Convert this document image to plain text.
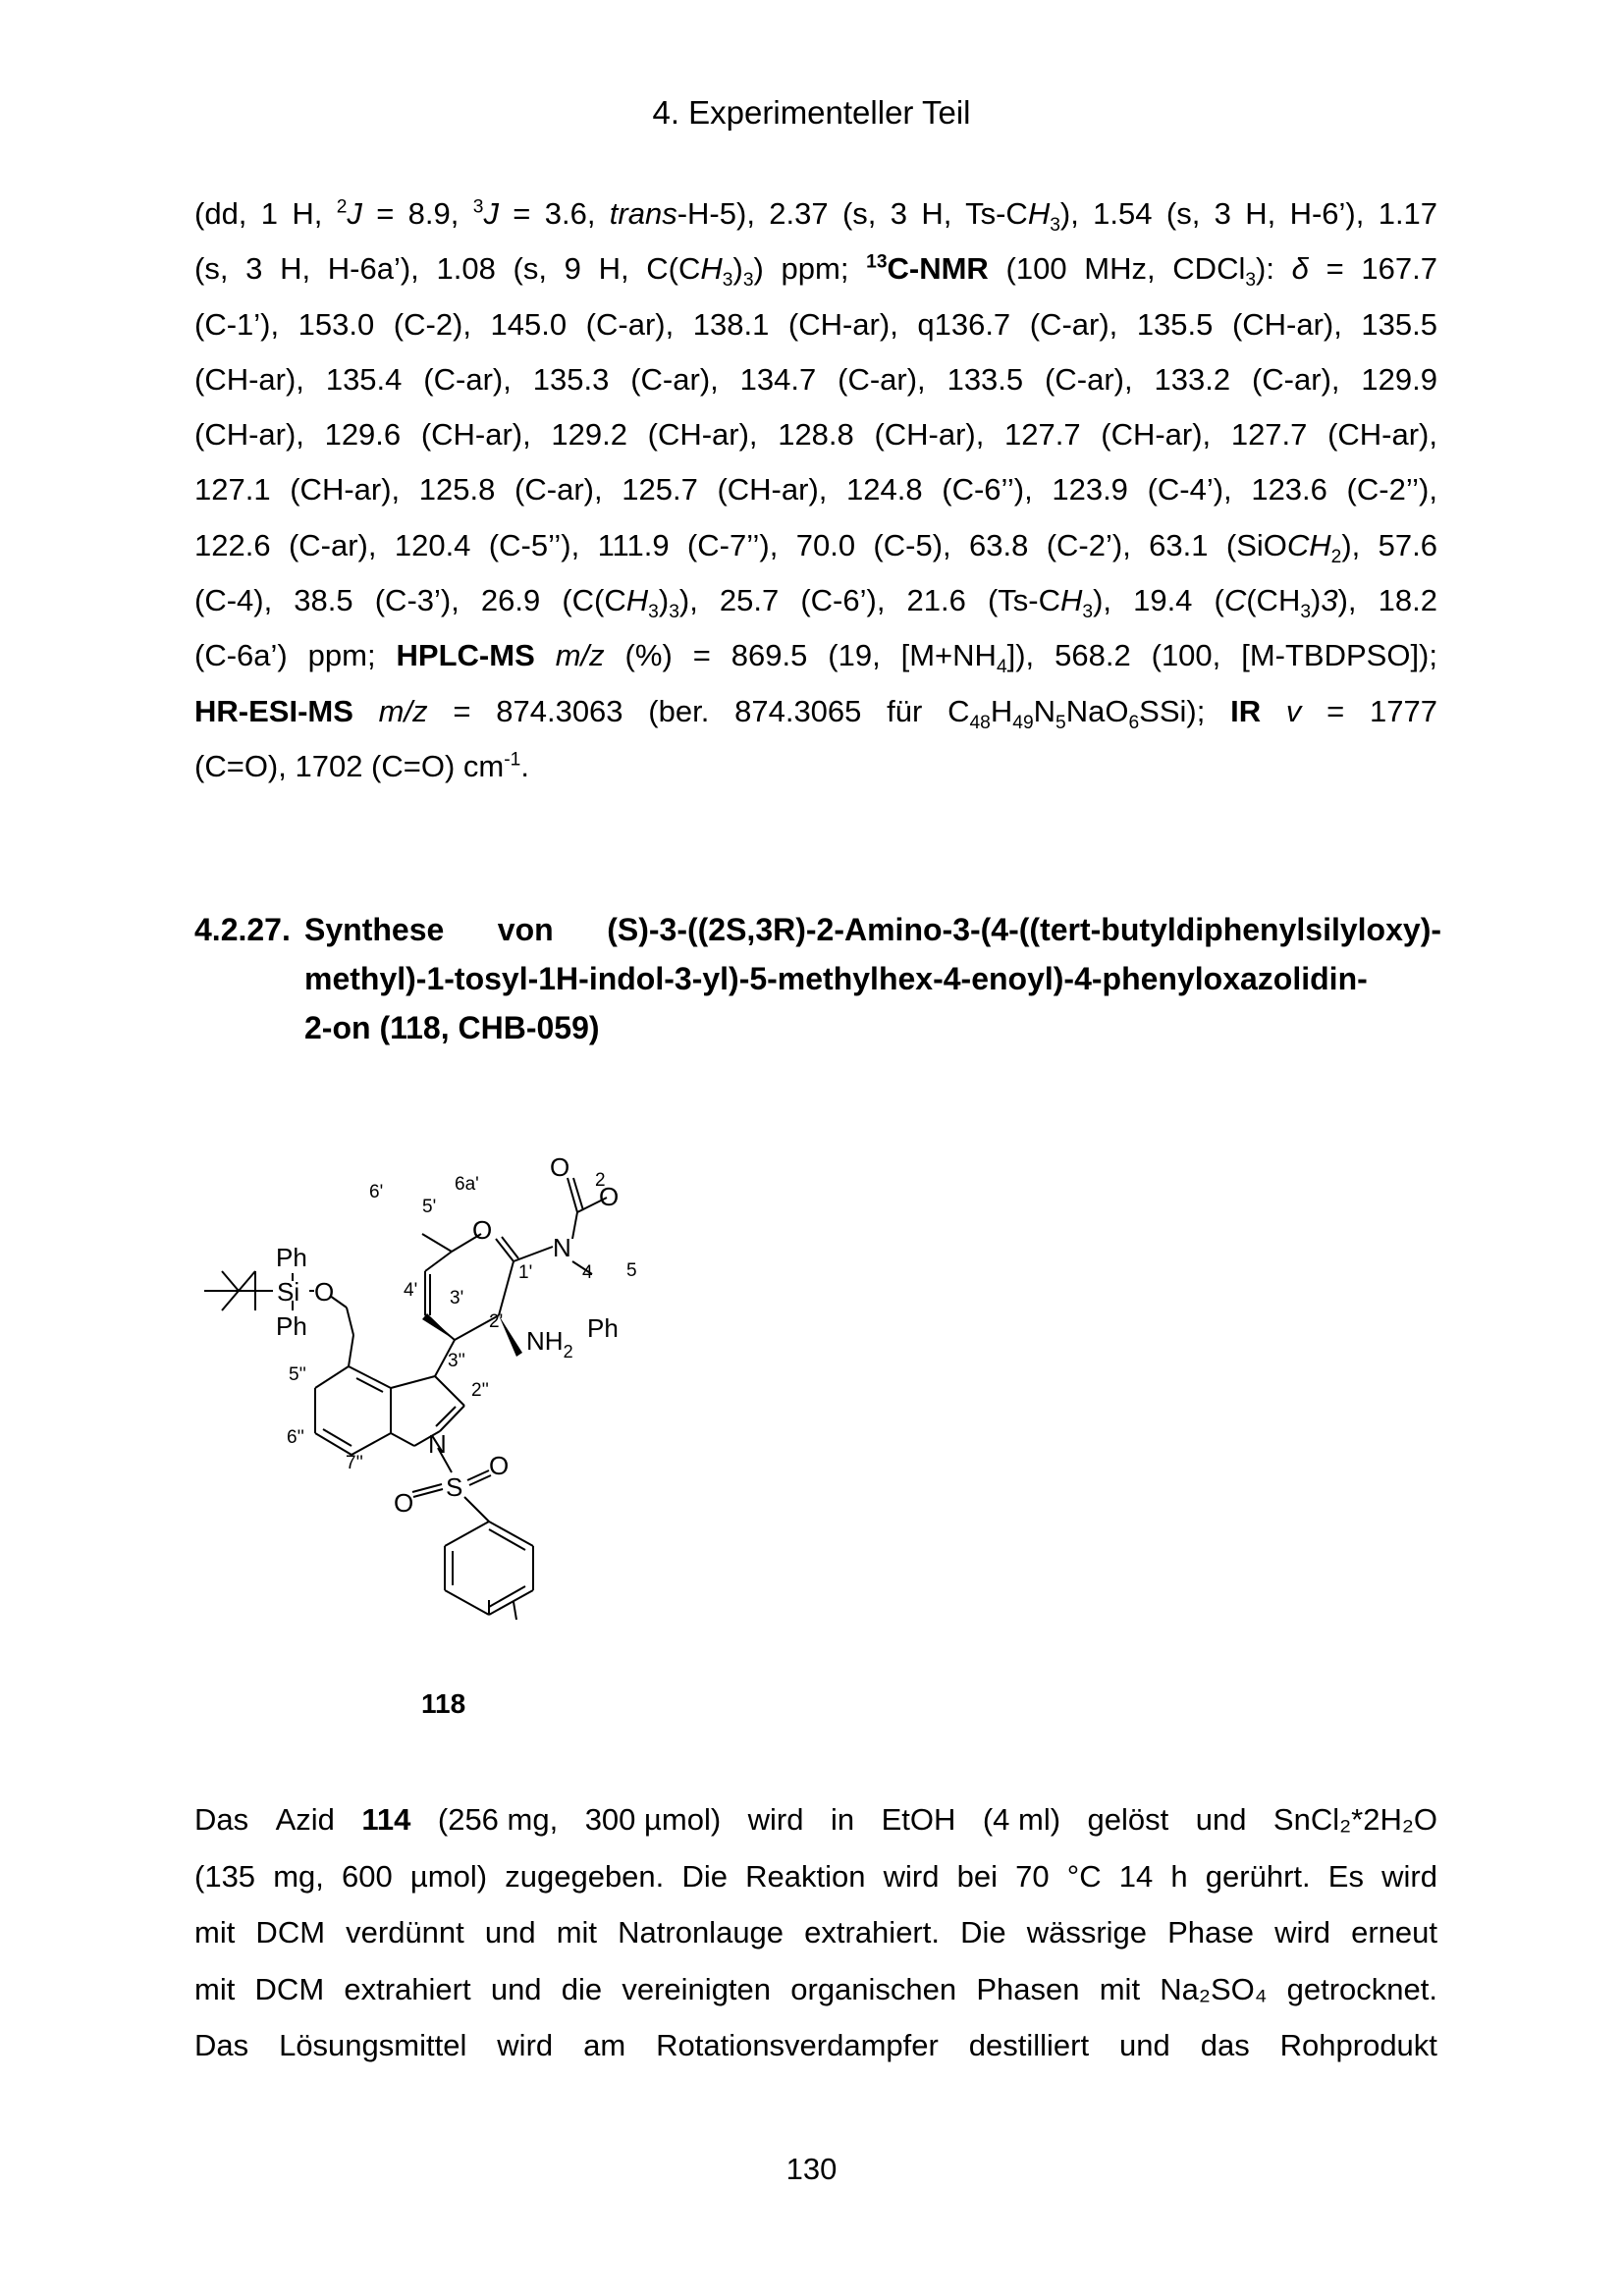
4. Experimenteller Teil
(dd, 1 H, $^2$J = 8.9, $^3$J = 3.6, trans-H-5), 2.37 (s, 3 H, $Ts-CH_3$), 1.54 (s, 3 H, H-6’), 1.17
(s, 3 H, H-6a’), 1.08 (s, 9 H, $C(CH_3)_3$) ppm; $^{13}$C-NMR (100 MHz, CDCl$_3$): δ = 167.7
(C-1’), 153.0 (C-2), 145.0 (C-ar), 138.1 (CH-ar), q136.7 (C-ar), 135.5 (CH-ar), 135.5
(CH-ar), 135.4 (C-ar), 135.3 (C-ar), 134.7 (C-ar), 133.5 (C-ar), 133.2 (C-ar), 129.9
(CH-ar), 129.6 (CH-ar), 129.2 (CH-ar), 128.8 (CH-ar), 127.7 (CH-ar), 127.7 (CH-ar),
127.1 (CH-ar), 125.8 (C-ar), 125.7 (CH-ar), 124.8 (C-6’’), 123.9 (C-4’), 123.6 (C-2’’),
122.6 (C-ar), 120.4 (C-5’’), 111.9 (C-7’’), 70.0 (C-5), 63.8 (C-2’), 63.1 (SiOCH$_2$), 57.6
(C-4), 38.5 (C-3’), 26.9 $(C(CH_3)_3)$, 25.7 (C-6’), 21.6 $(Ts-CH_3)$, 19.4 $(C(CH_3)3)$, 18.2
(C-6a’) ppm; HPLC-MS m/z (%) = 869.5 (19, $[M+NH_4]$), 568.2 (100, [M-TBDPSO]);
HR-ESI-MS m/z = 874.3063 (ber. 874.3065 für $C_{48}H_{49}N_5NaO_6SSi$); IR v = 1777
(C=O), 1702 (C=O) $cm^{-1}$.
4.2.27. Synthese von (S)-3-((2S,3R)-2-Amino-3-(4-((tert-butyldiphenylsilyloxy)-
methyl)-1-tosyl-1H-indol-3-yl)-5-methylhex-4-enoyl)-4-phenyloxazolidin-
2-on (118, CHB-059)
Ph
Si O
Ph
O
O
O
N
$NH_2$
Ph
N
S
O
O
6'
5'
6a'
4' 3'
2'
1'
2
4 5
3''
2''
5''
6''
7''
118
Das Azid 114 (256 mg, 300 µmol) wird in EtOH (4 ml) gelöst und SnCl₂*2H₂O
(135 mg, 600 µmol) zugegeben. Die Reaktion wird bei 70 °C 14 h gerührt. Es wird
mit DCM verdünnt und mit Natronlauge extrahiert. Die wässrige Phase wird erneut
mit DCM extrahiert und die vereinigten organischen Phasen mit Na₂SO₄ getrocknet.
Das Lösungsmittel wird am Rotationsverdampfer destilliert und das Rohprodukt
130
